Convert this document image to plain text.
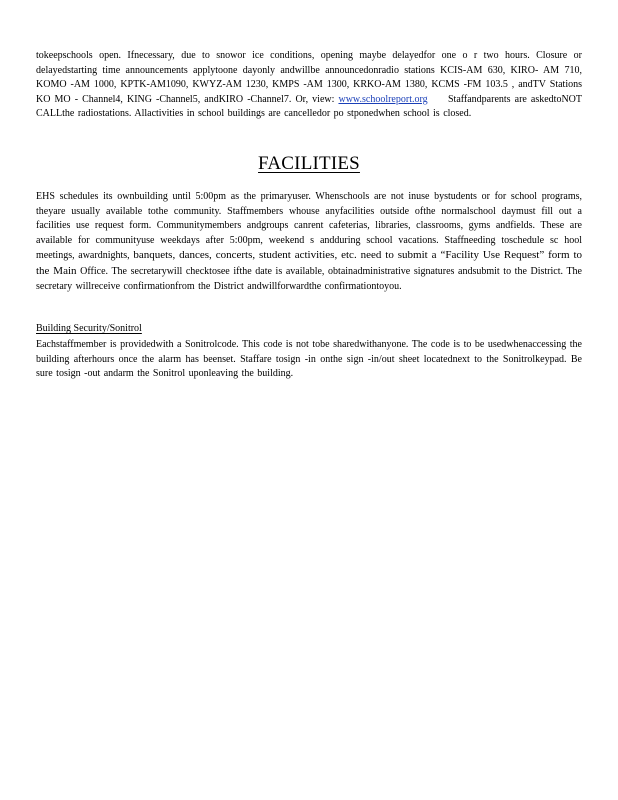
tokeepschools open. Ifnecessary, due to snowor ice conditions, opening maybe delayedfor one o r two hours. Closure or delayedstarting time announcements applytoone dayonly andwillbe announcedonradio stations KCIS-AM 630, KIRO- AM 710, KOMO -AM 1000, KPTK-AM1090, KWYZ-AM 1230, KMPS -AM 1300, KRKO-AM 1380, KCMS -FM 103.5 , andTV Stations KO MO - Channel4, KING -Channel5, andKIRO -Channel7. Or, view: www.schoolreport.org Staffandparents are askedtoNOT CALLthe radiostations. Allactivities in school buildings are cancelledor po stponedwhen school is closed.
FACILITIES
EHS schedules its ownbuilding until 5:00pm as the primaryuser. Whenschools are not inuse bystudents or for school programs, theyare usually available tothe community. Staffmembers whouse anyfacilities outside ofthe normalschool daymust fill out a facilities use request form. Communitymembers andgroups canrent cafeterias, libraries, classrooms, gyms andfields. These are available for communityuse weekdays after 5:00pm, weekend s andduring school vacations. Staffneeding toschedule sc hool meetings, awardnights, banquets, dances, concerts, student activities, etc. need to submit a “Facility Use Request” form to the Main Office. The secretarywill checktosee ifthe date is available, obtainadministrative signatures andsubmit to the District. The secretary willreceive confirmationfrom the District andwillforwardthe confirmationtoyou.
Building Security/Sonitrol
Eachstaffmember is providedwith a Sonitrolcode. This code is not tobe sharedwithanyone. The code is to be usedwhenaccessing the building afterhours once the alarm has beenset. Staffare tosign -in onthe sign -in/out sheet locatednext to the Sonitrolkeypad. Be sure tosign -out andarm the Sonitrol uponleaving the building.
